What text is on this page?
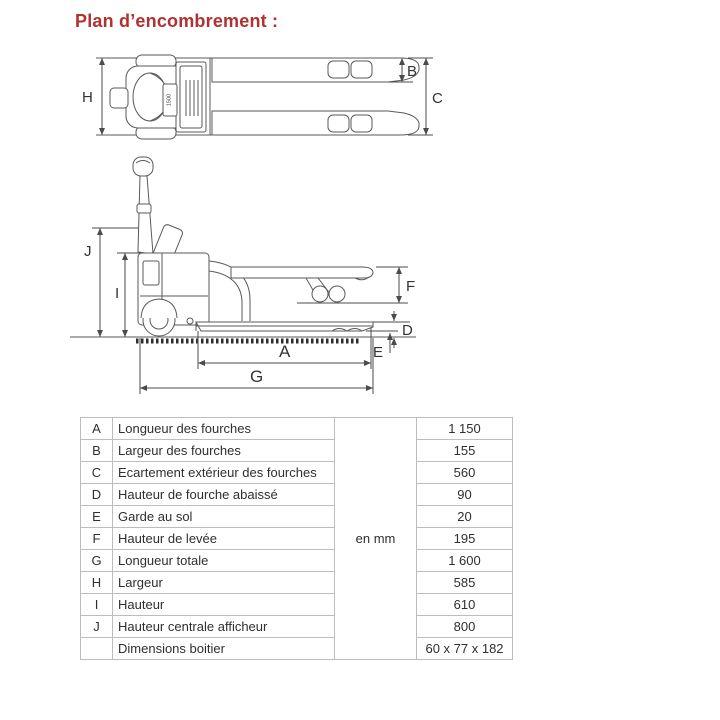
Plan d’encombrement :
1500
H
B
C
J
I	F
D
E
A
G
A	Longueur des fourches	en mm	1 150
B	Largeur des fourches		155
C	Ecartement extérieur des fourches		560
D	Hauteur de fourche abaissé		90
E	Garde au sol		20
F	Hauteur de levée		195
G	Longueur totale		1 600
H	Largeur		585
I	Hauteur		610
J	Hauteur centrale afficheur		800
	Dimensions boitier		60 x 77 x 182
